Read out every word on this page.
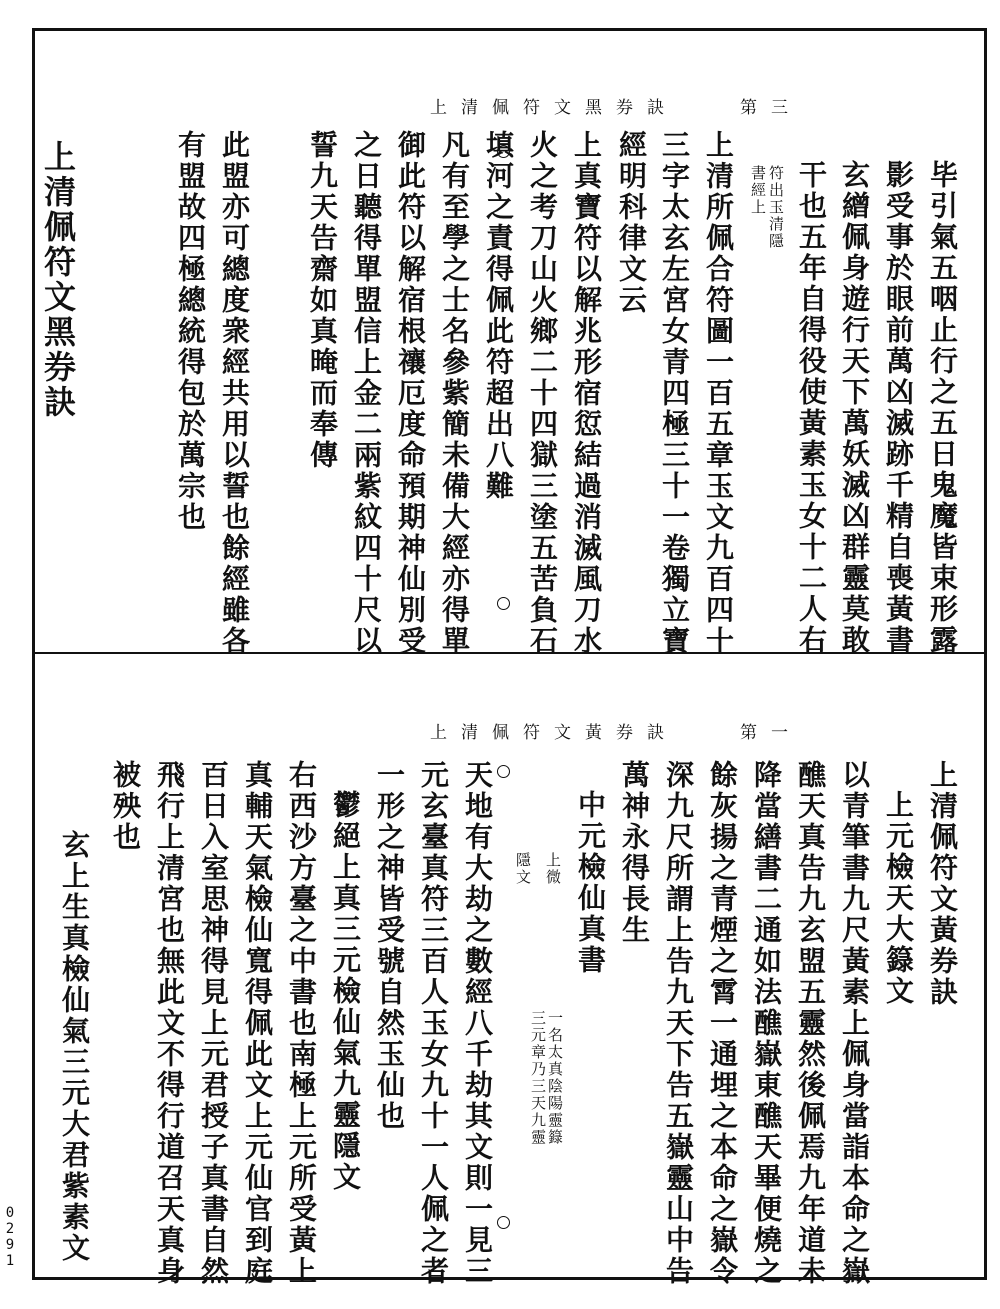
0291
上清佩符文黑券訣　　第三
毕引氣五咽止行之五日鬼魔皆束形露
影受事於眼前萬凶滅跡千精自喪黃書
玄繒佩身遊行天下萬妖滅凶群靈莫敢
干也五年自得役使黃素玉女十二人右
上清所佩合符圖一百五章玉文九百四十
三字太玄左宮女青四極三十一卷獨立寶
經明科律文云
上真寶符以解兆形宿愆結過消滅風刀水
火之考刀山火鄉二十四獄三塗五苦負石
填河之責得佩此符超出八難
凡有至學之士名參紫簡未備大經亦得單
御此符以解宿根禳厄度命預期神仙別受
之日聽得單盟信上金二兩紫紋四十尺以
誓九天告齋如真晻而奉傳
此盟亦可總度衆經共用以誓也餘經雖各
有盟故四極總統得包於萬宗也	符出玉清隱
書經上
上清佩符文黑券訣
上清佩符文黃券訣　　第一
上清佩符文黃券訣
上元檢天大籙文
以青筆書九尺黃素上佩身當詣本命之嶽
醮天真告九玄盟五靈然後佩焉九年道未
降當繕書二通如法醮嶽東醮天畢便燒之
餘灰揚之青煙之霄一通埋之本命之嶽令
深九尺所謂上告九天下告五嶽靈山中告
萬神永得長生
中元檢仙真書
天地有大劫之數經八千劫其文則一見三
元玄臺真符三百人玉女九十一人佩之者
一形之神皆受號自然玉仙也
鬱絕上真三元檢仙氣九靈隱文
右西沙方臺之中書也南極上元所受黃上
真輔天氣檢仙寬得佩此文上元仙官到庭
百日入室思神得見上元君授子真書自然
飛行上清宮也無此文不得行道召天真身
被殃也
玄上生真檢仙氣三元大君紫素文	一名太真陰陽靈籙
三元章乃三天九靈
上微
隱文
